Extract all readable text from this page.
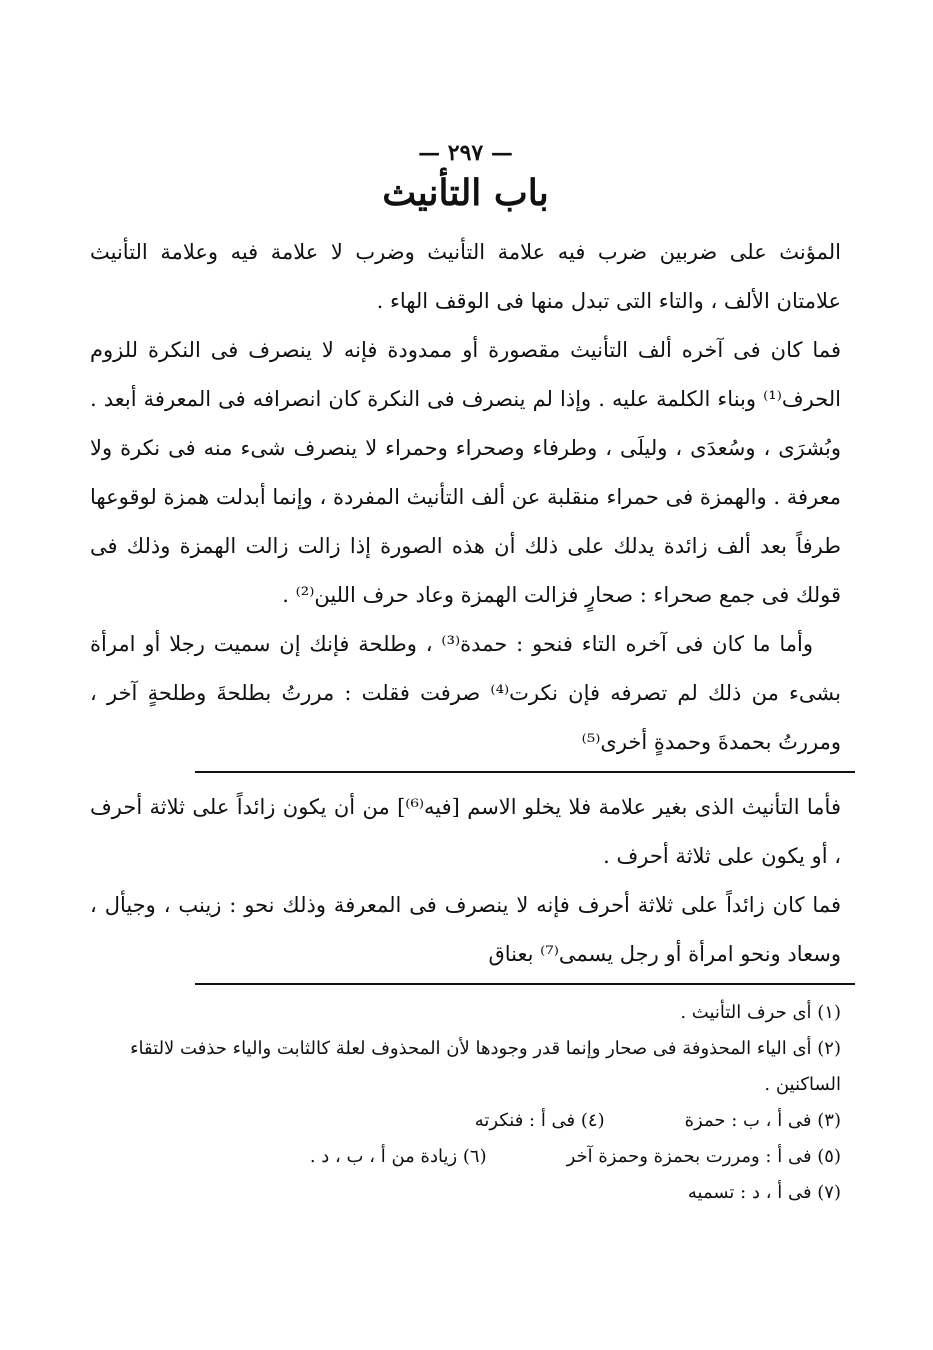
— ٢٩٧ —
باب التأنيث

المؤنث على ضربين ضرب فيه علامة التأنيث وضرب لا علامة فيه وعلامة التأنيث علامتان الألف ، والتاء التى تبدل منها فى الوقف الهاء .

فما كان فى آخره ألف التأنيث مقصورة أو ممدودة فإنه لا ينصرف فى النكرة للزوم الحرف⁽¹⁾ وبناء الكلمة عليه . وإذا لم ينصرف فى النكرة كان انصرافه فى المعرفة أبعد . وبُشرَى ، وسُعدَى ، وليلَى ، وطرفاء وصحراء وحمراء لا ينصرف شىء منه فى نكرة ولا معرفة . والهمزة فى حمراء منقلبة عن ألف التأنيث المفردة ، وإنما أبدلت همزة لوقوعها طرفاً بعد ألف زائدة يدلك على ذلك أن هذه الصورة إذا زالت زالت الهمزة وذلك فى قولك فى جمع صحراء : صحارٍ فزالت الهمزة وعاد حرف اللين⁽²⁾ .

وأما ما كان فى آخره التاء فنحو : حمدة⁽³⁾ ، وطلحة فإنك إن سميت رجلا أو امرأة بشىء من ذلك لم تصرفه فإن نكرت⁽⁴⁾ صرفت فقلت : مررتُ بطلحةَ وطلحةٍ آخر ، ومررتُ بحمدةَ وحمدةٍ أخرى⁽⁵⁾

فأما التأنيث الذى بغير علامة فلا يخلو الاسم [فيه⁽⁶⁾] من أن يكون زائداً على ثلاثة أحرف ، أو يكون على ثلاثة أحرف .

فما كان زائداً على ثلاثة أحرف فإنه لا ينصرف فى المعرفة وذلك نحو : زينب ، وجيأل ، وسعاد ونحو امرأة أو رجل يسمى⁽⁷⁾ بعناق

(١) أى حرف التأنيث .

(٢) أى الياء المحذوفة فى صحار وإنما قدر وجودها لأن المحذوف لعلة كالثابت والياء حذفت لالتقاء الساكنين .

(٣) فى أ ، ب : حمزة
(٤) فى أ : فنكرته
(٥) فى أ : ومررت بحمزة وحمزة آخر
(٦) زيادة من أ ، ب ، د .

(٧) فى أ ، د : تسميه
